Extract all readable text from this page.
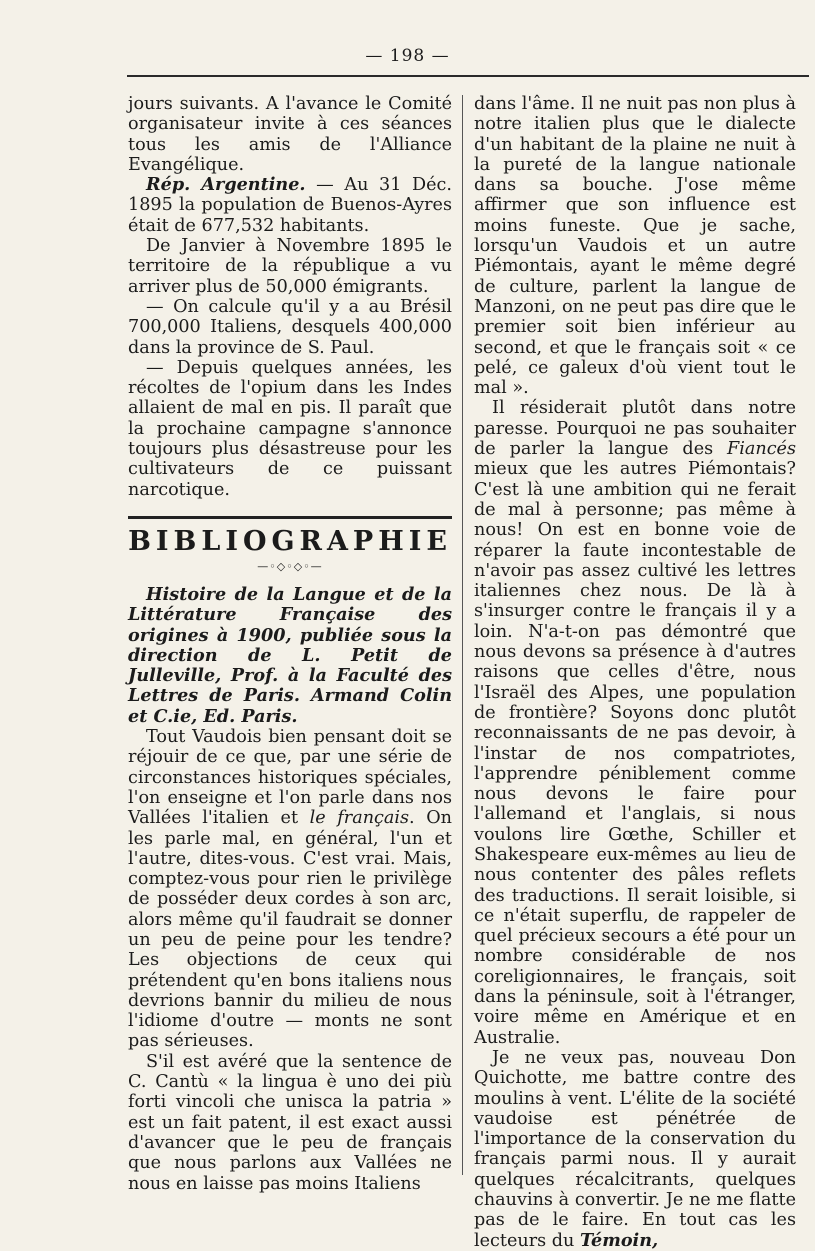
— 198 —

jours suivants. A l'avance le Comité organisateur invite à ces séances tous les amis de l'Alliance Evangélique.

Rép. Argentine. — Au 31 Déc. 1895 la population de Buenos-Ayres était de 677,532 habitants.

De Janvier à Novembre 1895 le territoire de la république a vu arriver plus de 50,000 émigrants.

— On calcule qu'il y a au Brésil 700,000 Italiens, desquels 400,000 dans la province de S. Paul.

— Depuis quelques années, les récoltes de l'opium dans les Indes allaient de mal en pis. Il paraît que la prochaine campagne s'annonce toujours plus désastreuse pour les cultivateurs de ce puissant narcotique.

BIBLIOGRAPHIE
—◦◇◦◇◦—

Histoire de la Langue et de la Littérature Française des origines à 1900, publiée sous la direction de L. Petit de Julleville, Prof. à la Faculté des Lettres de Paris. Armand Colin et C.ie, Ed. Paris.

Tout Vaudois bien pensant doit se réjouir de ce que, par une série de circonstances historiques spéciales, l'on enseigne et l'on parle dans nos Vallées l'italien et le français. On les parle mal, en général, l'un et l'autre, dites-vous. C'est vrai. Mais, comptez-vous pour rien le privilège de posséder deux cordes à son arc, alors même qu'il faudrait se donner un peu de peine pour les tendre? Les objections de ceux qui prétendent qu'en bons italiens nous devrions bannir du milieu de nous l'idiome d'outre — monts ne sont pas sérieuses.

S'il est avéré que la sentence de C. Cantù « la lingua è uno dei più forti vincoli che unisca la patria » est un fait patent, il est exact aussi d'avancer que le peu de français que nous parlons aux Vallées ne nous en laisse pas moins Italiens

dans l'âme. Il ne nuit pas non plus à notre italien plus que le dialecte d'un habitant de la plaine ne nuit à la pureté de la langue nationale dans sa bouche. J'ose même affirmer que son influence est moins funeste. Que je sache, lorsqu'un Vaudois et un autre Piémontais, ayant le même degré de culture, parlent la langue de Manzoni, on ne peut pas dire que le premier soit bien inférieur au second, et que le français soit « ce pelé, ce galeux d'où vient tout le mal ».

Il résiderait plutôt dans notre paresse. Pourquoi ne pas souhaiter de parler la langue des Fiancés mieux que les autres Piémontais? C'est là une ambition qui ne ferait de mal à personne; pas même à nous! On est en bonne voie de réparer la faute incontestable de n'avoir pas assez cultivé les lettres italiennes chez nous. De là à s'insurger contre le français il y a loin. N'a-t-on pas démontré que nous devons sa présence à d'autres raisons que celles d'être, nous l'Israël des Alpes, une population de frontière? Soyons donc plutôt reconnaissants de ne pas devoir, à l'instar de nos compatriotes, l'apprendre péniblement comme nous devons le faire pour l'allemand et l'anglais, si nous voulons lire Gœthe, Schiller et Shakespeare eux-mêmes au lieu de nous contenter des pâles reflets des traductions. Il serait loisible, si ce n'était superflu, de rappeler de quel précieux secours a été pour un nombre considérable de nos coreligionnaires, le français, soit dans la péninsule, soit à l'étranger, voire même en Amérique et en Australie.

Je ne veux pas, nouveau Don Quichotte, me battre contre des moulins à vent. L'élite de la société vaudoise est pénétrée de l'importance de la conservation du français parmi nous. Il y aurait quelques récalcitrants, quelques chauvins à convertir. Je ne me flatte pas de le faire. En tout cas les lecteurs du Témoin,
